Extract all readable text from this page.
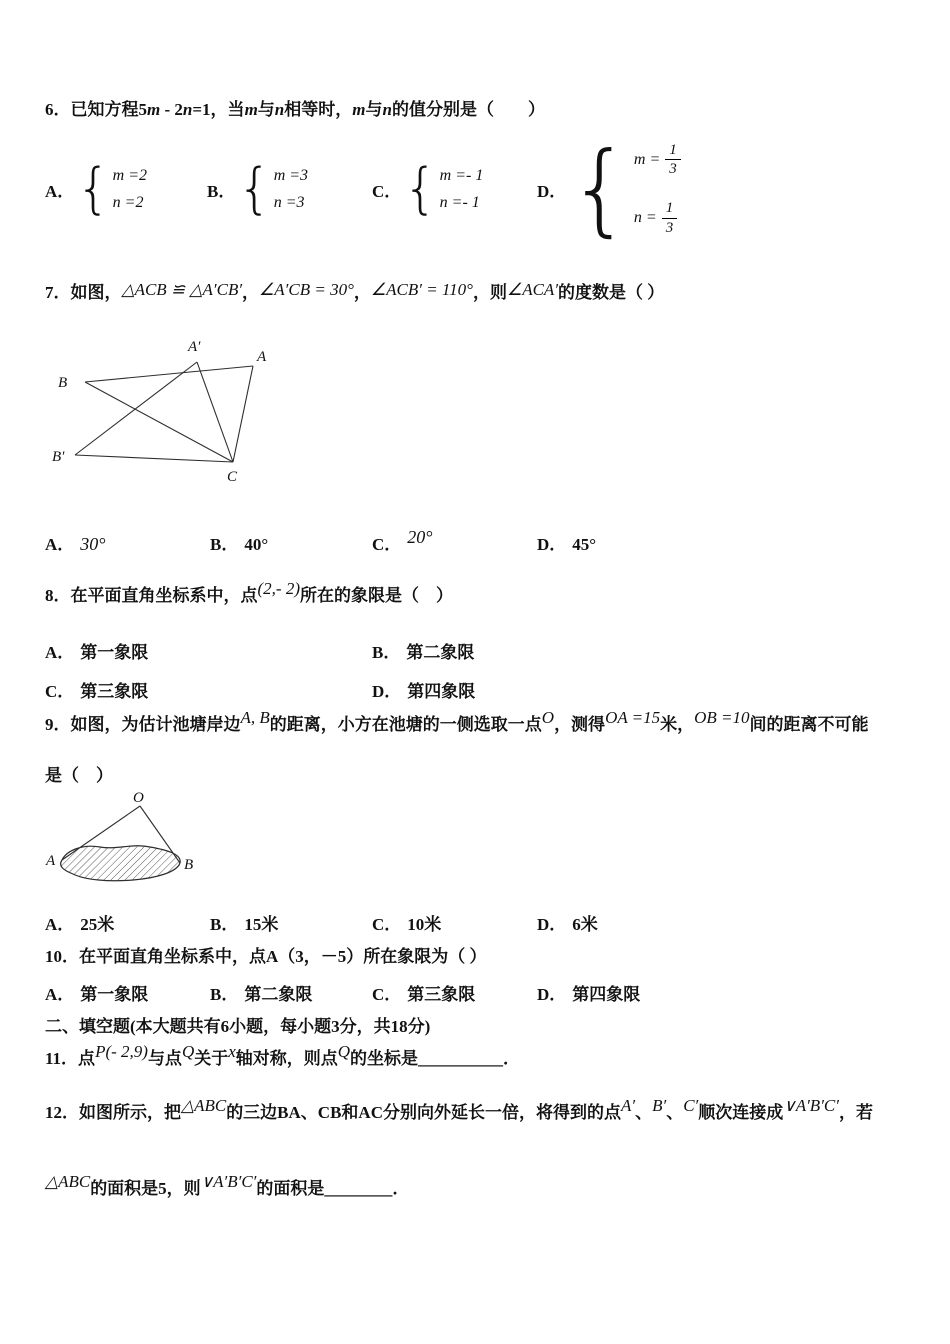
6．已知方程5m - 2n=1，当m与n相等时，m与n的值分别是（　　）

A． { m =2
n =2
B． { m =3
n =3
C． { m =- 1
n =- 1
D． { $m = \frac{1}{3}$
$n = \frac{1}{3}$

7．如图，△ACB ≌ △A′CB′，∠A′CB = 30°，∠ACB′ = 110°，则∠ACA′的度数是（ ）

B
A′
A
B′
C
A． 30°	B． 40°	C． 20°	D． 45°

8．在平面直角坐标系中，点(2,- 2)所在的象限是（　）

A． 第一象限	B． 第二象限
C． 第三象限	D． 第四象限

9．如图，为估计池塘岸边A, B的距离，小方在池塘的一侧选取一点O，测得OA =15米，OB =10间的距离不可能

是（　）

O
A	B
A． 25米	B． 15米	C． 10米	D． 6米

10．在平面直角坐标系中，点A（3，－5）所在象限为（ ）

A． 第一象限	B． 第二象限	C． 第三象限	D． 第四象限

二、填空题(本大题共有6小题，每小题3分，共18分)

11．点P(- 2,9)与点Q关于x轴对称，则点Q的坐标是__________．

12．如图所示，把△ABC的三边BA、CB和AC分别向外延长一倍，将得到的点A′、B′、C′顺次连接成∨A′B′C′，若

△ABC的面积是5，则∨A′B′C′的面积是________．
